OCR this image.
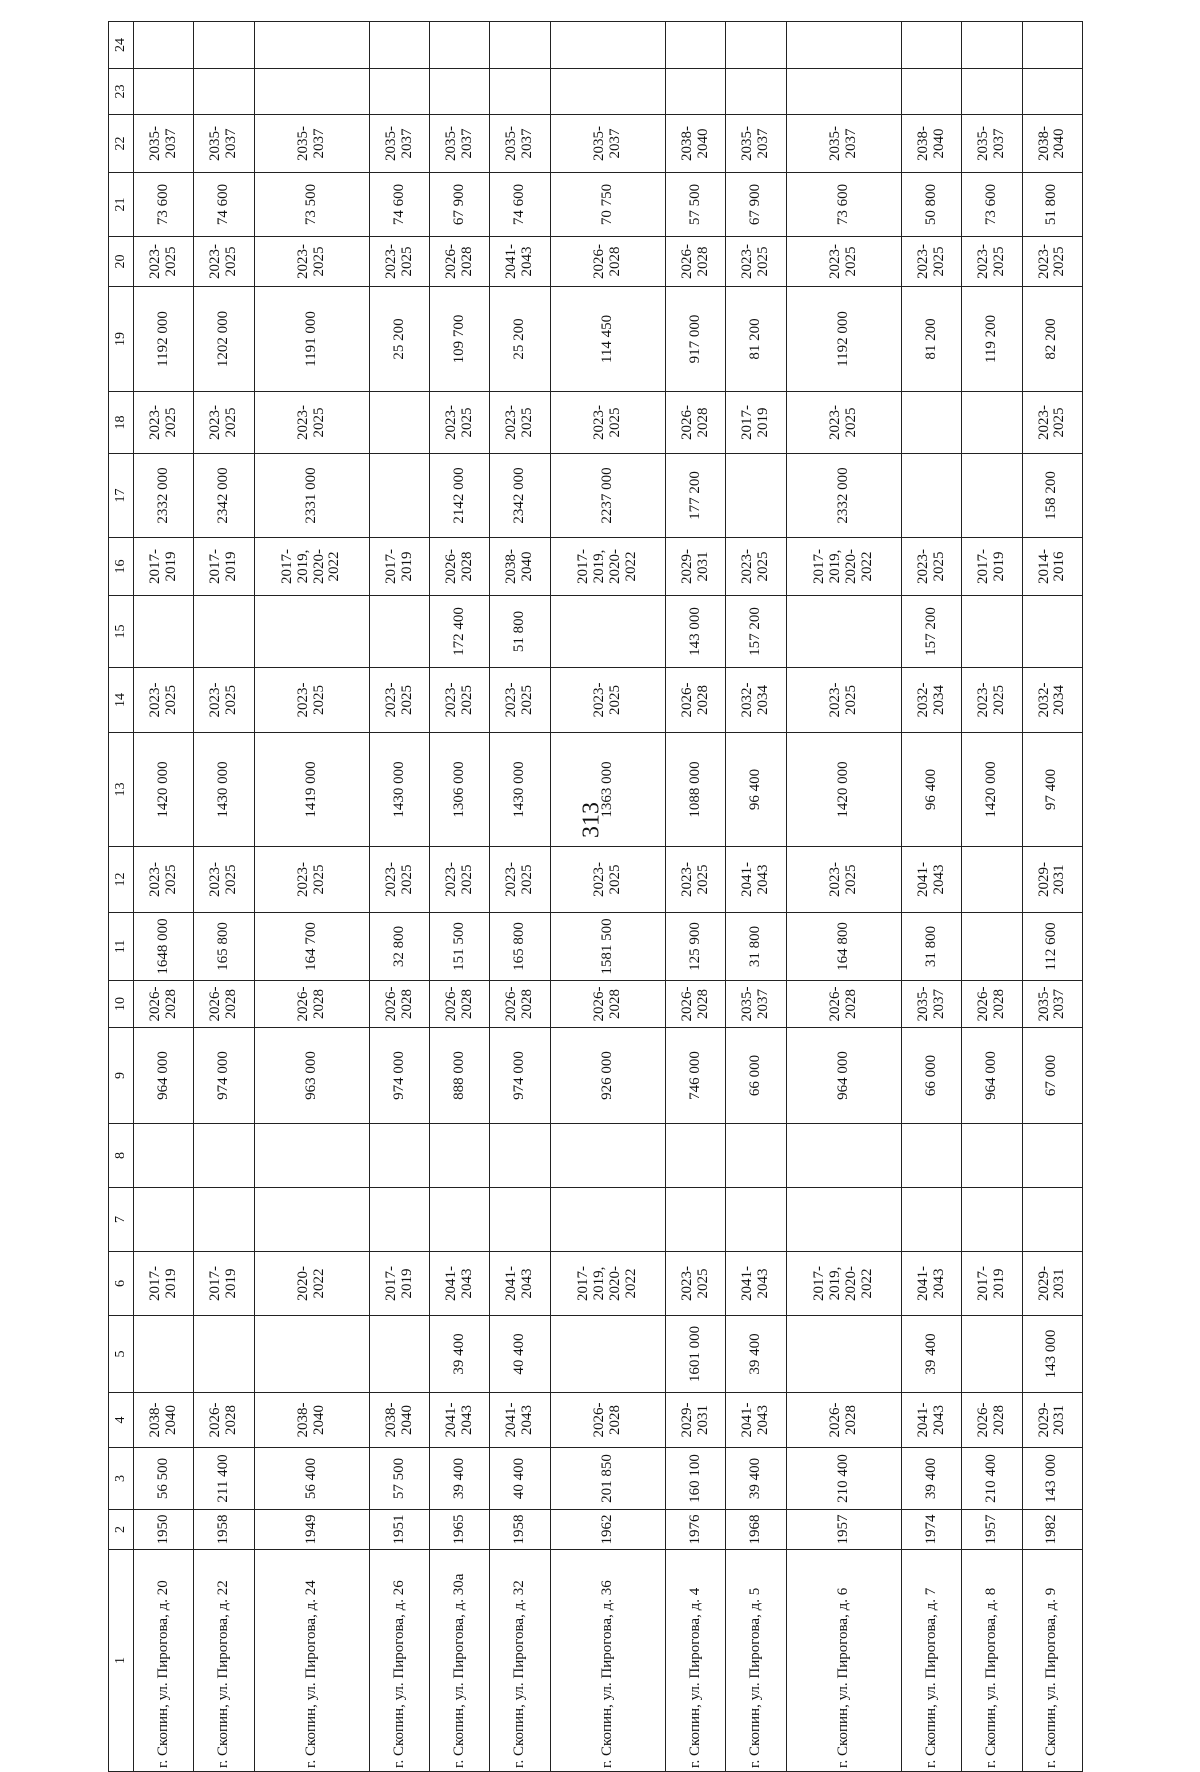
313
1	2	3	4	5	6	7	8	9	10	11	12	13	14	15	16	17	18	19	20	21	22	23	24
г. Скопин, ул. Пирогова, д. 20	1950	56 500	2038-2040		2017-2019			964 000	2026-2028	1648 000	2023-2025	1420 000	2023-2025		2017-2019	2332 000	2023-2025	1192 000	2023-2025	73 600	2035-2037		
г. Скопин, ул. Пирогова, д. 22	1958	211 400	2026-2028		2017-2019			974 000	2026-2028	165 800	2023-2025	1430 000	2023-2025		2017-2019	2342 000	2023-2025	1202 000	2023-2025	74 600	2035-2037		
г. Скопин, ул. Пирогова, д. 24	1949	56 400	2038-2040		2020-2022			963 000	2026-2028	164 700	2023-2025	1419 000	2023-2025		2017-2019, 2020-2022	2331 000	2023-2025	1191 000	2023-2025	73 500	2035-2037		
г. Скопин, ул. Пирогова, д. 26	1951	57 500	2038-2040		2017-2019			974 000	2026-2028	32 800	2023-2025	1430 000	2023-2025		2017-2019			25 200	2023-2025	74 600	2035-2037		
г. Скопин, ул. Пирогова, д. 30а	1965	39 400	2041-2043	39 400	2041-2043			888 000	2026-2028	151 500	2023-2025	1306 000	2023-2025	172 400	2026-2028	2142 000	2023-2025	109 700	2026-2028	67 900	2035-2037		
г. Скопин, ул. Пирогова, д. 32	1958	40 400	2041-2043	40 400	2041-2043			974 000	2026-2028	165 800	2023-2025	1430 000	2023-2025	51 800	2038-2040	2342 000	2023-2025	25 200	2041-2043	74 600	2035-2037		
г. Скопин, ул. Пирогова, д. 36	1962	201 850	2026-2028		2017-2019, 2020-2022			926 000	2026-2028	1581 500	2023-2025	1363 000	2023-2025		2017-2019, 2020-2022	2237 000	2023-2025	114 450	2026-2028	70 750	2035-2037		
г. Скопин, ул. Пирогова, д. 4	1976	160 100	2029-2031	1601 000	2023-2025			746 000	2026-2028	125 900	2023-2025	1088 000	2026-2028	143 000	2029-2031	177 200	2026-2028	917 000	2026-2028	57 500	2038-2040		
г. Скопин, ул. Пирогова, д. 5	1968	39 400	2041-2043	39 400	2041-2043			66 000	2035-2037	31 800	2041-2043	96 400	2032-2034	157 200	2023-2025		2017-2019	81 200	2023-2025	67 900	2035-2037		
г. Скопин, ул. Пирогова, д. 6	1957	210 400	2026-2028		2017-2019, 2020-2022			964 000	2026-2028	164 800	2023-2025	1420 000	2023-2025		2017-2019, 2020-2022	2332 000	2023-2025	1192 000	2023-2025	73 600	2035-2037		
г. Скопин, ул. Пирогова, д. 7	1974	39 400	2041-2043	39 400	2041-2043			66 000	2035-2037	31 800	2041-2043	96 400	2032-2034	157 200	2023-2025			81 200	2023-2025	50 800	2038-2040		
г. Скопин, ул. Пирогова, д. 8	1957	210 400	2026-2028		2017-2019			964 000	2026-2028			1420 000	2023-2025		2017-2019			119 200	2023-2025	73 600	2035-2037		
г. Скопин, ул. Пирогова, д. 9	1982	143 000	2029-2031	143 000	2029-2031			67 000	2035-2037	112 600	2029-2031	97 400	2032-2034		2014-2016	158 200	2023-2025	82 200	2023-2025	51 800	2038-2040		
